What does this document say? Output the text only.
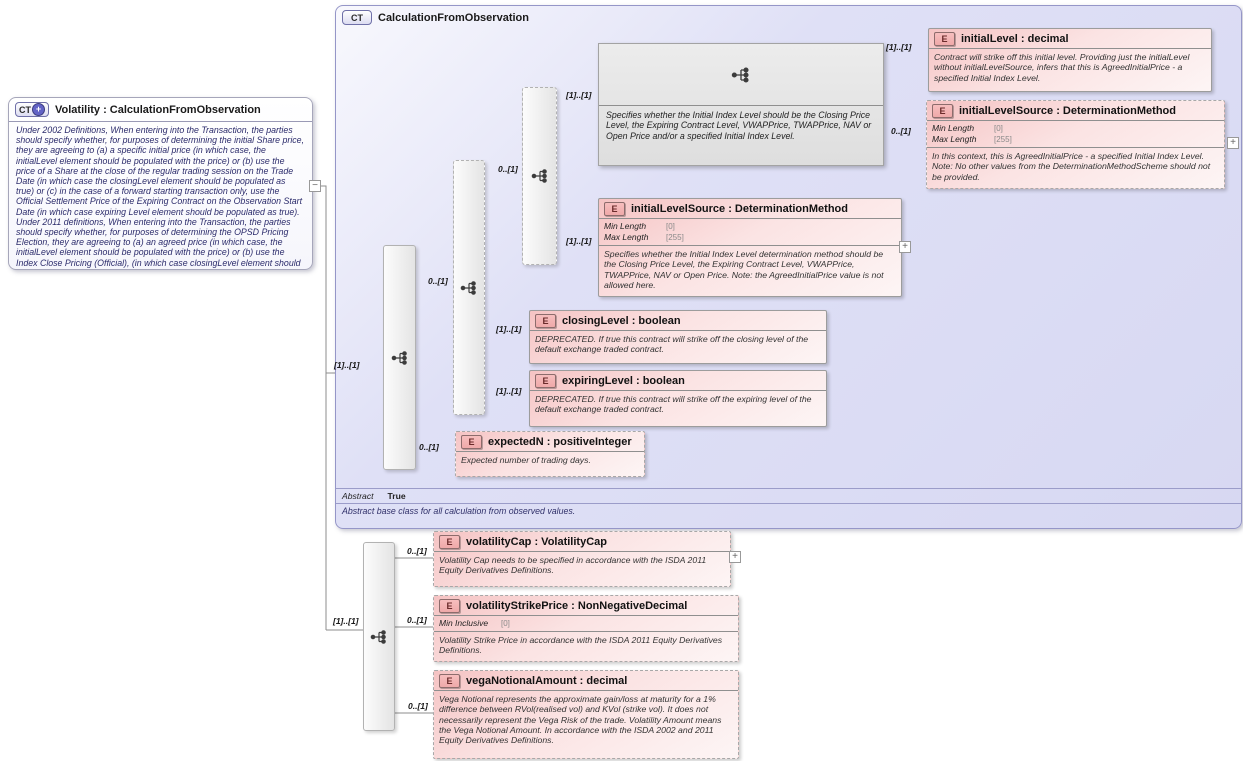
CT	CalculationFromObservation
Abstract True
Abstract base class for all calculation from observed values.
CT +	Volatility : CalculationFromObservation
Under 2002 Definitions, When entering into the Transaction, the parties should specify whether, for purposes of determining the initial Share price, they are agreeing to (a) a specific initial price (in which case, the initialLevel element should be populated with the price) or (b) use the price of a Share at the close of the regular trading session on the Trade Date (in which case the closingLevel element should be populated as true) or (c) in the case of a forward starting transaction only, use the Official Settlement Price of the Expiring Contract on the Observation Start Date (in which case expiring Level element should be populated as true). Under 2011 definitions, When entering into the Transaction, the parties should specify whether, for purposes of determining the OPSD Pricing Election, they are agreeing to (a) an agreed price (in which case, the initialLevel element should be populated with the price) or (b) use the Index Close Pricing (Official), (in which case closingLevel element should
−
Specifies whether the Initial Index Level should be the Closing Price Level, the Expiring Contract Level, VWAPPrice, TWAPPrice, NAV or Open Price and/or a specified Initial Index Level.
E	initialLevel : decimal
Contract will strike off this initial level. Providing just the initialLevel without initialLevelSource, infers that this is AgreedInitialPrice - a specified Initial Index Level.
E	initialLevelSource : DeterminationMethod
Min Length [0]
Max Length [255]
In this context, this is AgreedInitialPrice - a specified Initial Index Level. Note: No other values from the DeterminationMethodScheme should not be provided.
E	initialLevelSource : DeterminationMethod
Min Length [0]
Max Length [255]
Specifies whether the Initial Index Level determination method should be the Closing Price Level, the Expiring Contract Level, VWAPPrice, TWAPPrice, NAV or Open Price. Note: the AgreedInitialPrice value is not allowed here.
E	closingLevel : boolean
DEPRECATED. If true this contract will strike off the closing level of the default exchange traded contract.
E	expiringLevel : boolean
DEPRECATED. If true this contract will strike off the expiring level of the default exchange traded contract.
E	expectedN : positiveInteger
Expected number of trading days.
E	volatilityCap : VolatilityCap
Volatility Cap needs to be specified in accordance with the ISDA 2011 Equity Derivatives Definitions.
E	volatilityStrikePrice : NonNegativeDecimal
Min Inclusive [0]
Volatility Strike Price in accordance with the ISDA 2011 Equity Derivatives Definitions.
E	vegaNotionalAmount : decimal
Vega Notional represents the approximate gain/loss at maturity for a 1% difference between RVol(realised vol) and KVol (strike vol). It does not necessarily represent the Vega Risk of the trade. Volatility Amount means the Vega Notional Amount. In accordance with the ISDA 2002 and 2011 Equity Derivatives Definitions.
+
+
+
[1]..[1]
0..[1]
0..[1]
[1]..[1]
[1]..[1]
[1]..[1]
0..[1]
[1]..[1]
[1]..[1]
0..[1]
[1]..[1]
0..[1]
0..[1]
0..[1]
